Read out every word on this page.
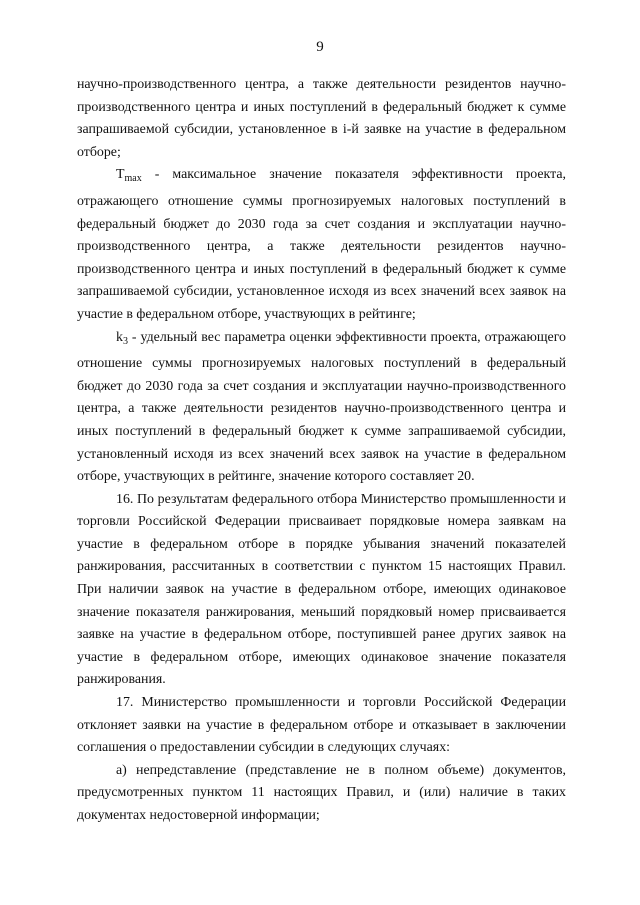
9

научно-производственного центра, а также деятельности резидентов научно-производственного центра и иных поступлений в федеральный бюджет к сумме запрашиваемой субсидии, установленное в i-й заявке на участие в федеральном отборе;

$T_{max}$ - максимальное значение показателя эффективности проекта, отражающего отношение суммы прогнозируемых налоговых поступлений в федеральный бюджет до 2030 года за счет создания и эксплуатации научно-производственного центра, а также деятельности резидентов научно-производственного центра и иных поступлений в федеральный бюджет к сумме запрашиваемой субсидии, установленное исходя из всех значений всех заявок на участие в федеральном отборе, участвующих в рейтинге;

$k_3$ - удельный вес параметра оценки эффективности проекта, отражающего отношение суммы прогнозируемых налоговых поступлений в федеральный бюджет до 2030 года за счет создания и эксплуатации научно-производственного центра, а также деятельности резидентов научно-производственного центра и иных поступлений в федеральный бюджет к сумме запрашиваемой субсидии, установленный исходя из всех значений всех заявок на участие в федеральном отборе, участвующих в рейтинге, значение которого составляет 20.

16. По результатам федерального отбора Министерство промышленности и торговли Российской Федерации присваивает порядковые номера заявкам на участие в федеральном отборе в порядке убывания значений показателей ранжирования, рассчитанных в соответствии с пунктом 15 настоящих Правил. При наличии заявок на участие в федеральном отборе, имеющих одинаковое значение показателя ранжирования, меньший порядковый номер присваивается заявке на участие в федеральном отборе, поступившей ранее других заявок на участие в федеральном отборе, имеющих одинаковое значение показателя ранжирования.

17. Министерство промышленности и торговли Российской Федерации отклоняет заявки на участие в федеральном отборе и отказывает в заключении соглашения о предоставлении субсидии в следующих случаях:

а) непредставление (представление не в полном объеме) документов, предусмотренных пунктом 11 настоящих Правил, и (или) наличие в таких документах недостоверной информации;
